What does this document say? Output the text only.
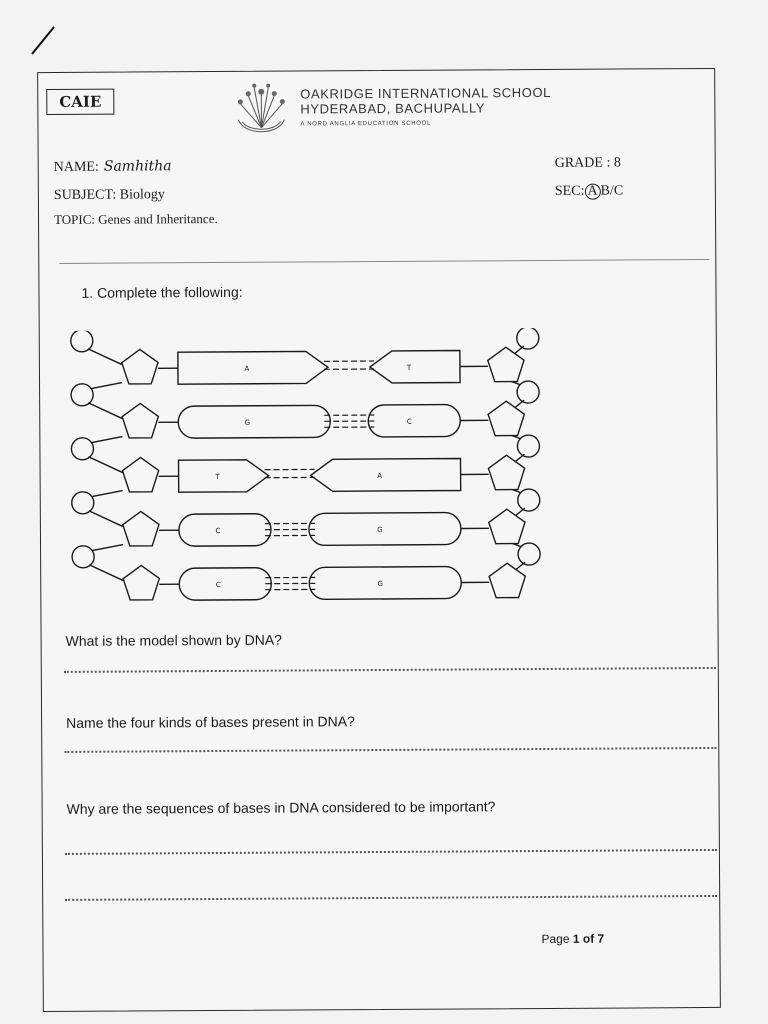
CAIE	OAKRIDGE INTERNATIONAL SCHOOL
HYDERABAD, BACHUPALLY
A NORD ANGLIA EDUCATION SCHOOL
NAME: Samhitha
SUBJECT: Biology
TOPIC: Genes and Inheritance.
GRADE : 8
SEC: A B/C
1. Complete the following:
A	T
G	C
T	A
C	G
C	G
What is the model shown by DNA?
Name the four kinds of bases present in DNA?
Why are the sequences of bases in DNA considered to be important?
Page 1 of 7
